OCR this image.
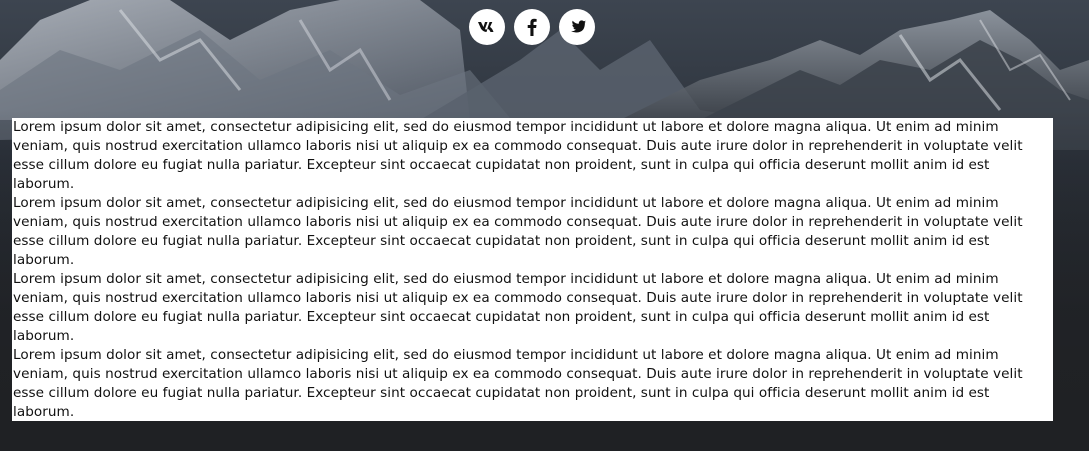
Lorem ipsum dolor sit amet, consectetur adipisicing elit, sed do eiusmod tempor incididunt ut labore et dolore magna aliqua. Ut enim ad minim veniam, quis nostrud exercitation ullamco laboris nisi ut aliquip ex ea commodo consequat. Duis aute irure dolor in reprehenderit in voluptate velit esse cillum dolore eu fugiat nulla pariatur. Excepteur sint occaecat cupidatat non proident, sunt in culpa qui officia deserunt mollit anim id est laborum.

Lorem ipsum dolor sit amet, consectetur adipisicing elit, sed do eiusmod tempor incididunt ut labore et dolore magna aliqua. Ut enim ad minim veniam, quis nostrud exercitation ullamco laboris nisi ut aliquip ex ea commodo consequat. Duis aute irure dolor in reprehenderit in voluptate velit esse cillum dolore eu fugiat nulla pariatur. Excepteur sint occaecat cupidatat non proident, sunt in culpa qui officia deserunt mollit anim id est laborum.

Lorem ipsum dolor sit amet, consectetur adipisicing elit, sed do eiusmod tempor incididunt ut labore et dolore magna aliqua. Ut enim ad minim veniam, quis nostrud exercitation ullamco laboris nisi ut aliquip ex ea commodo consequat. Duis aute irure dolor in reprehenderit in voluptate velit esse cillum dolore eu fugiat nulla pariatur. Excepteur sint occaecat cupidatat non proident, sunt in culpa qui officia deserunt mollit anim id est laborum.

Lorem ipsum dolor sit amet, consectetur adipisicing elit, sed do eiusmod tempor incididunt ut labore et dolore magna aliqua. Ut enim ad minim veniam, quis nostrud exercitation ullamco laboris nisi ut aliquip ex ea commodo consequat. Duis aute irure dolor in reprehenderit in voluptate velit esse cillum dolore eu fugiat nulla pariatur. Excepteur sint occaecat cupidatat non proident, sunt in culpa qui officia deserunt mollit anim id est laborum.
